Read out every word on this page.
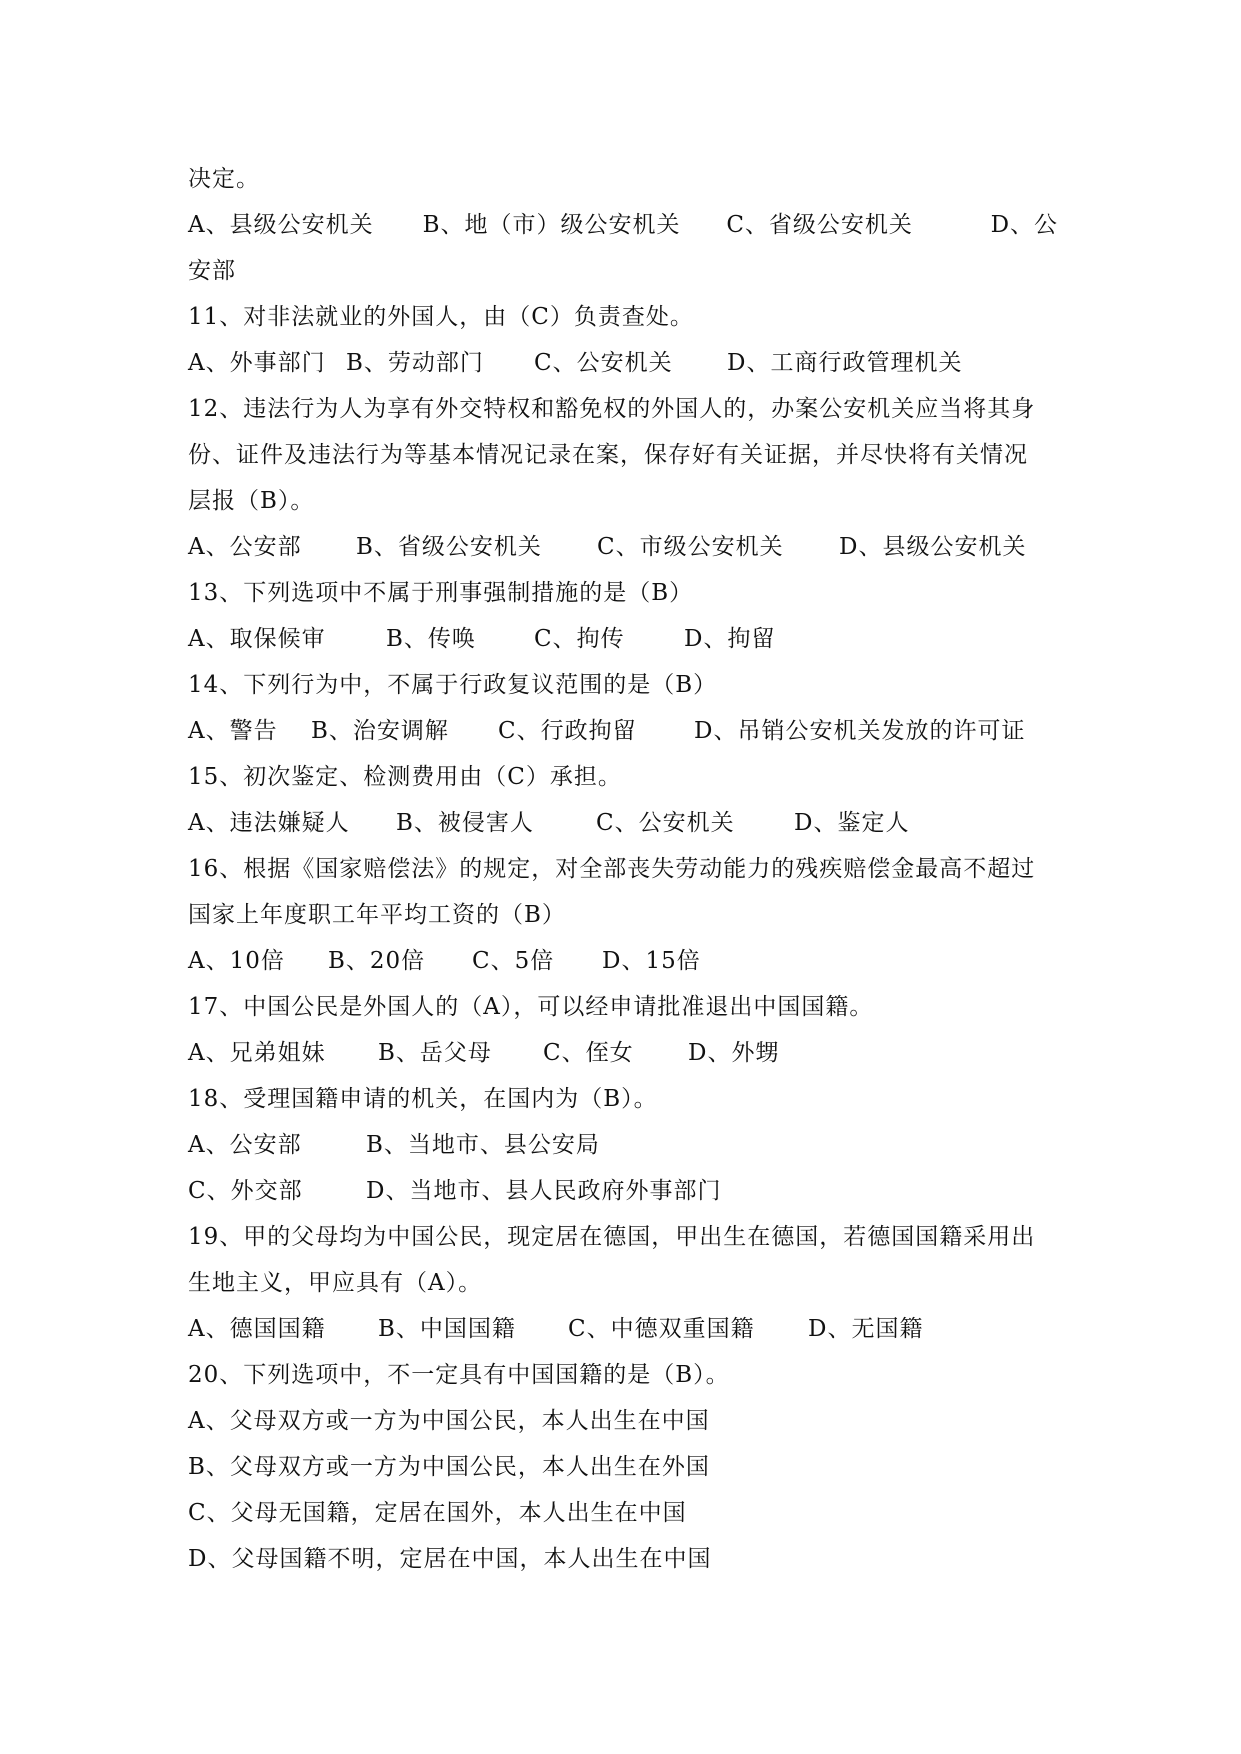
决定。
A、县级公安机关	B、地（市）级公安机关	C、省级公安机关	D、公
安部
11、对非法就业的外国人，由（C）负责查处。
A、外事部门 B、劳动部门	C、公安机关	D、工商行政管理机关
12、违法行为人为享有外交特权和豁免权的外国人的，办案公安机关应当将其身
份、证件及违法行为等基本情况记录在案，保存好有关证据，并尽快将有关情况
层报（B）。
A、公安部	B、省级公安机关	C、市级公安机关	D、县级公安机关
13、下列选项中不属于刑事强制措施的是（B）
A、取保候审	B、传唤	C、拘传	D、拘留
14、下列行为中，不属于行政复议范围的是（B）
A、警告	B、治安调解	C、行政拘留	D、吊销公安机关发放的许可证
15、初次鉴定、检测费用由（C）承担。
A、违法嫌疑人	B、被侵害人	C、公安机关	D、鉴定人
16、根据《国家赔偿法》的规定，对全部丧失劳动能力的残疾赔偿金最高不超过
国家上年度职工年平均工资的（B）
A、10倍	B、20倍	C、5倍	D、15倍
17、中国公民是外国人的（A），可以经申请批准退出中国国籍。
A、兄弟姐妹	B、岳父母	C、侄女	D、外甥
18、受理国籍申请的机关，在国内为（B）。
A、公安部	B、当地市、县公安局
C、外交部	D、当地市、县人民政府外事部门
19、甲的父母均为中国公民，现定居在德国，甲出生在德国，若德国国籍采用出
生地主义，甲应具有（A）。
A、德国国籍	B、中国国籍	C、中德双重国籍	D、无国籍
20、下列选项中，不一定具有中国国籍的是（B）。
A、父母双方或一方为中国公民，本人出生在中国
B、父母双方或一方为中国公民，本人出生在外国
C、父母无国籍，定居在国外，本人出生在中国
D、父母国籍不明，定居在中国，本人出生在中国
